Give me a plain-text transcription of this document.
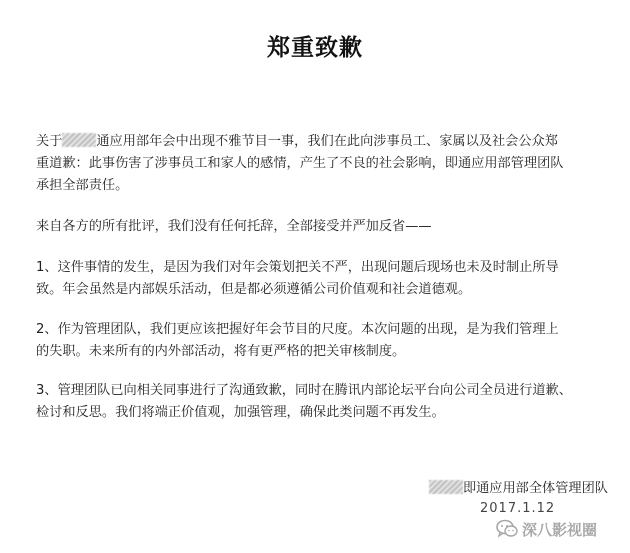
郑重致歉
关于	通应用部年会中出现不雅节目一事，我们在此向涉事员工、家属以及社会公众郑
重道歉：此事伤害了涉事员工和家人的感情，产生了不良的社会影响，即通应用部管理团队
承担全部责任。
来自各方的所有批评，我们没有任何托辞，全部接受并严加反省——
1、这件事情的发生，是因为我们对年会策划把关不严，出现问题后现场也未及时制止所导
致。年会虽然是内部娱乐活动，但是都必须遵循公司价值观和社会道德观。
2、作为管理团队，我们更应该把握好年会节目的尺度。本次问题的出现，是为我们管理上
的失职。未来所有的内外部活动，将有更严格的把关审核制度。
3、管理团队已向相关同事进行了沟通致歉，同时在腾讯内部论坛平台向公司全员进行道歉、
检讨和反思。我们将端正价值观，加强管理，确保此类问题不再发生。
即通应用部全体管理团队
2017.1.12
深八影视圈
